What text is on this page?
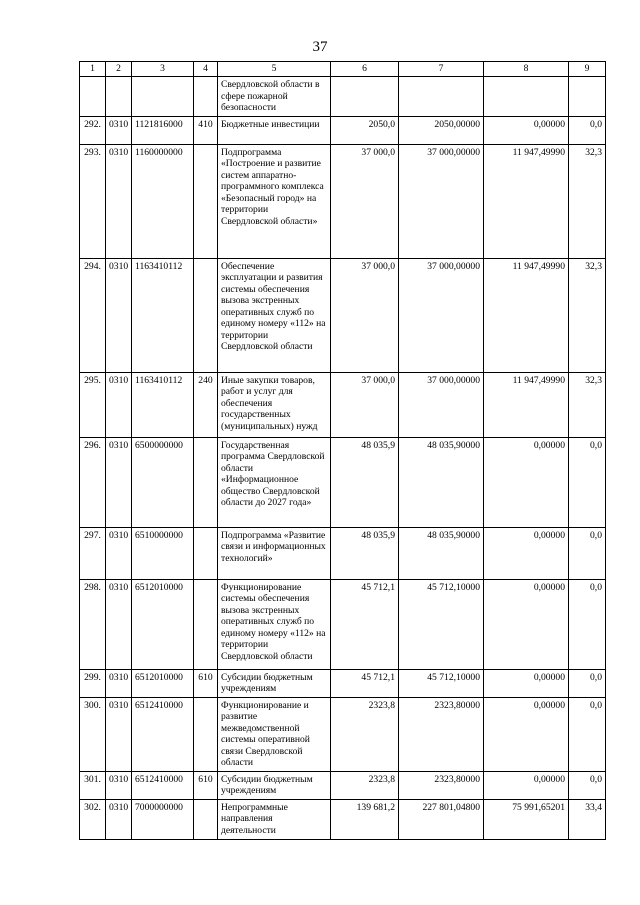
37
1	2	3	4	5	6	7	8	9
				Свердловской области в сфере пожарной безопасности				
292.	0310	1121816000	410	Бюджетные инвестиции	2050,0	2050,00000	0,00000	0,0
293.	0310	1160000000		Подпрограмма «Построение и развитие систем аппаратно-программного комплекса «Безопасный город» на территории Свердловской области»	37 000,0	37 000,00000	11 947,49990	32,3
294.	0310	1163410112		Обеспечение эксплуатации и развития системы обеспечения вызова экстренных оперативных служб по единому номеру «112» на территории Свердловской области	37 000,0	37 000,00000	11 947,49990	32,3
295.	0310	1163410112	240	Иные закупки товаров, работ и услуг для обеспечения государственных (муниципальных) нужд	37 000,0	37 000,00000	11 947,49990	32,3
296.	0310	6500000000		Государственная программа Свердловской области «Информационное общество Свердловской области до 2027 года»	48 035,9	48 035,90000	0,00000	0,0
297.	0310	6510000000		Подпрограмма «Развитие связи и информационных технологий»	48 035,9	48 035,90000	0,00000	0,0
298.	0310	6512010000		Функционирование системы обеспечения вызова экстренных оперативных служб по единому номеру «112» на территории Свердловской области	45 712,1	45 712,10000	0,00000	0,0
299.	0310	6512010000	610	Субсидии бюджетным учреждениям	45 712,1	45 712,10000	0,00000	0,0
300.	0310	6512410000		Функционирование и развитие межведомственной системы оперативной связи Свердловской области	2323,8	2323,80000	0,00000	0,0
301.	0310	6512410000	610	Субсидии бюджетным учреждениям	2323,8	2323,80000	0,00000	0,0
302.	0310	7000000000		Непрограммные направления деятельности	139 681,2	227 801,04800	75 991,65201	33,4
